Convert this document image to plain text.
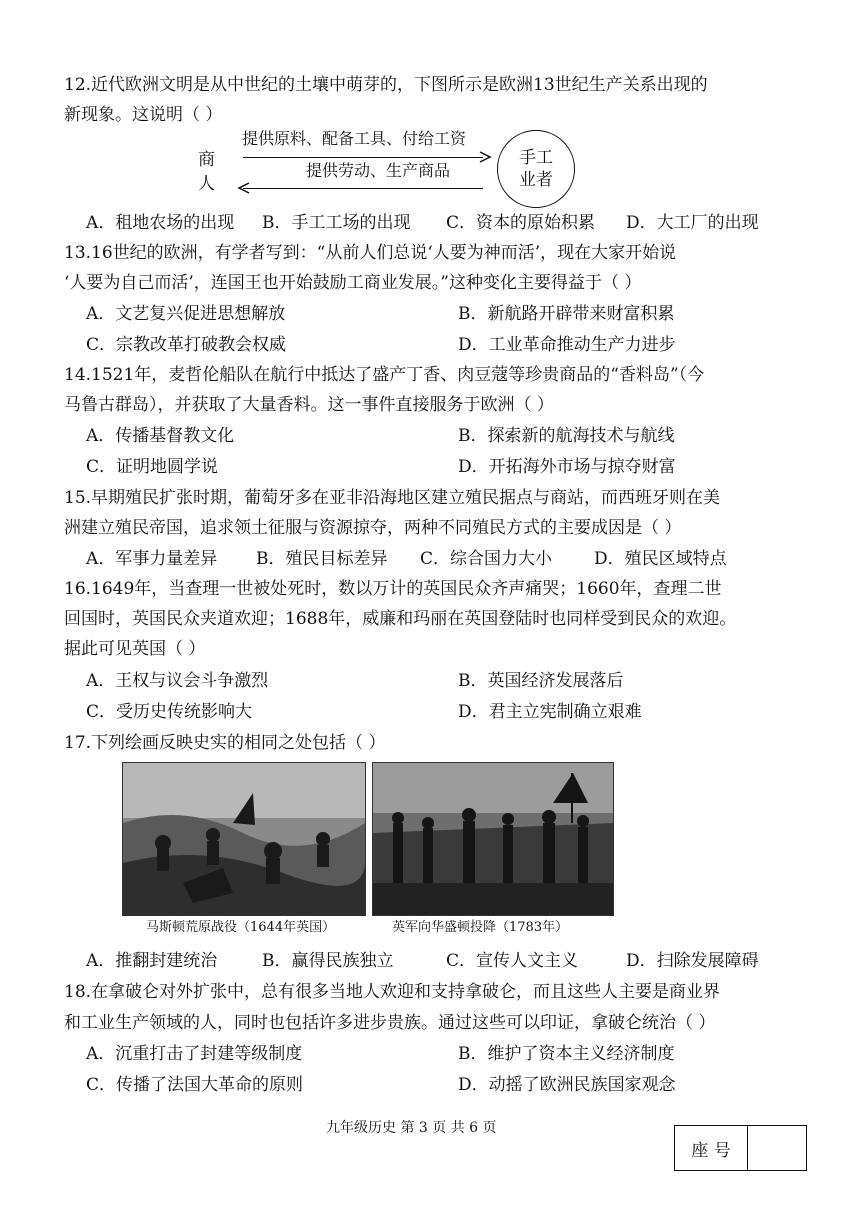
12.近代欧洲文明是从中世纪的土壤中萌芽的，下图所示是欧洲13世纪生产关系出现的
新现象。这说明（ ）
商人
提供原料、配备工具、付给工资
提供劳动、生产商品
手工
业者
A．租地农场的出现 B．手工工场的出现 C．资本的原始积累 D．大工厂的出现
13.16世纪的欧洲，有学者写到：“从前人们总说‘人要为神而活’，现在大家开始说
‘人要为自己而活’，连国王也开始鼓励工商业发展。”这种变化主要得益于（ ）
A．文艺复兴促进思想解放	B．新航路开辟带来财富积累
C．宗教改革打破教会权威	D．工业革命推动生产力进步
14.1521年，麦哲伦船队在航行中抵达了盛产丁香、肉豆蔻等珍贵商品的“香料岛”（今
马鲁古群岛），并获取了大量香料。这一事件直接服务于欧洲（ ）
A．传播基督教文化	B．探索新的航海技术与航线
C．证明地圆学说	D．开拓海外市场与掠夺财富
15.早期殖民扩张时期，葡萄牙多在亚非沿海地区建立殖民据点与商站，而西班牙则在美
洲建立殖民帝国，追求领土征服与资源掠夺，两种不同殖民方式的主要成因是（ ）
A．军事力量差异 B．殖民目标差异 C．综合国力大小 D．殖民区域特点
16.1649年，当查理一世被处死时，数以万计的英国民众齐声痛哭；1660年，查理二世
回国时，英国民众夹道欢迎；1688年，威廉和玛丽在英国登陆时也同样受到民众的欢迎。
据此可见英国（ ）
A．王权与议会斗争激烈	B．英国经济发展落后
C．受历史传统影响大	D．君主立宪制确立艰难
17.下列绘画反映史实的相同之处包括（ ）
马斯顿荒原战役（1644年英国）	英军向华盛顿投降（1783年）
A．推翻封建统治	B．赢得民族独立	C．宣传人文主义	D．扫除发展障碍
18.在拿破仑对外扩张中，总有很多当地人欢迎和支持拿破仑，而且这些人主要是商业界
和工业生产领域的人，同时也包括许多进步贵族。通过这些可以印证，拿破仑统治（ ）
A．沉重打击了封建等级制度	B．维护了资本主义经济制度
C．传播了法国大革命的原则	D．动摇了欧洲民族国家观念
九年级历史 第 3 页 共 6 页
座 号
